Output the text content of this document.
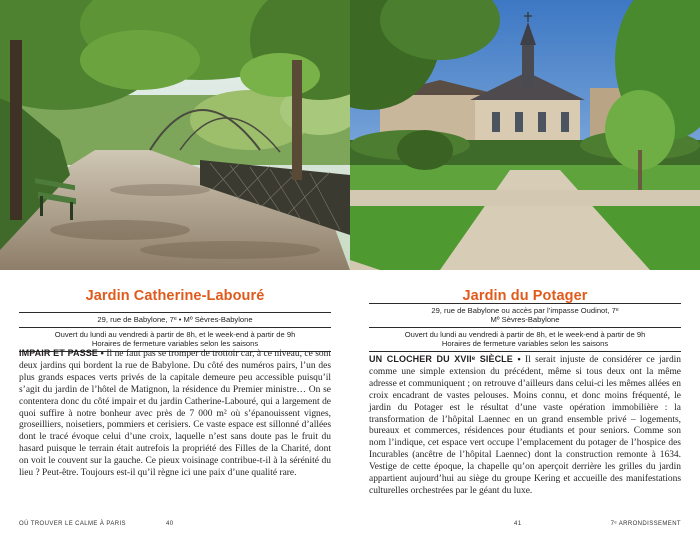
Jardin Catherine-Labouré
29, rue de Babylone, 7ᵉ • Mº Sèvres-Babylone
Ouvert du lundi au vendredi à partir de 8h, et le week-end à partir de 9h
Horaires de fermeture variables selon les saisons

IMPAIR ET PASSE • Il ne faut pas se tromper de trottoir car, à ce niveau, ce sont deux jardins qui bordent la rue de Babylone. Du côté des numéros pairs, l’un des plus grands espaces verts privés de la capitale demeure peu accessible puisqu’il s’agit du jardin de l’hôtel de Matignon, la résidence du Premier ministre… On se contentera donc du côté impair et du jardin Catherine-Labouré, qui a largement de quoi suffire à notre bonheur avec près de 7 000 m² où s’épanouissent vignes, groseilliers, noisetiers, pommiers et cerisiers. Ce vaste espace est sillonné d’allées dont le tracé évoque celui d’une croix, laquelle n’est sans doute pas le fruit du hasard puisque le terrain était autrefois la propriété des Filles de la Charité, dont on voit le couvent sur la gauche. Ce pieux voisinage contribue-t-il à la sérénité du lieu ? Peut-être. Toujours est-il qu’il règne ici une paix d’une qualité rare.

OÙ TROUVER LE CALME À PARIS	40
Jardin du Potager
29, rue de Babylone ou accès par l’impasse Oudinot, 7ᵉ
Mº Sèvres-Babylone
Ouvert du lundi au vendredi à partir de 8h, et le week-end à partir de 9h
Horaires de fermeture variables selon les saisons

UN CLOCHER DU XVIIᵉ SIÈCLE • Il serait injuste de considérer ce jardin comme une simple extension du précédent, même si tous deux ont la même adresse et communiquent ; on retrouve d’ailleurs dans celui-ci les mêmes allées en croix encadrant de vastes pelouses. Moins connu, et donc moins fréquenté, le jardin du Potager est le résultat d’une vaste opération immobilière : la transformation de l’hôpital Laennec en un grand ensemble privé – logements, bureaux et commerces, résidences pour étudiants et pour seniors. Comme son nom l’indique, cet espace vert occupe l’emplacement du potager de l’hospice des Incurables (ancêtre de l’hôpital Laennec) dont la construction remonte à 1634. Vestige de cette époque, la chapelle qu’on aperçoit derrière les grilles du jardin appartient aujourd’hui au siège du groupe Kering et accueille des manifestations culturelles orchestrées par le géant du luxe.

41	7ᵉ ARRONDISSEMENT
